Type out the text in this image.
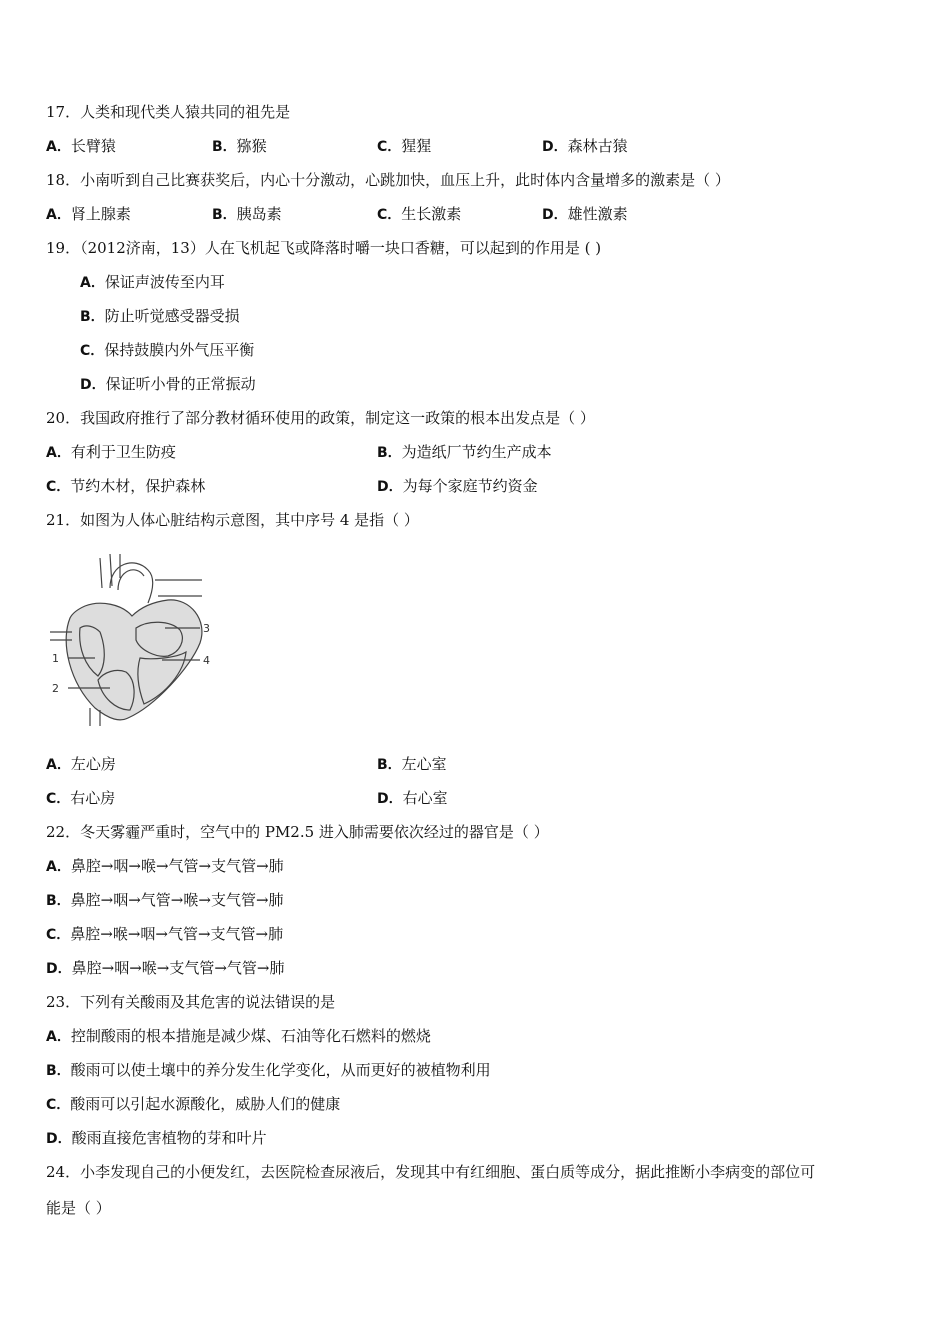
17．人类和现代类人猿共同的祖先是
A．长臂猿	B．猕猴	C．猩猩	D．森林古猿
18．小南听到自己比赛获奖后，内心十分激动，心跳加快，血压上升，此时体内含量增多的激素是（ ）
A．肾上腺素	B．胰岛素	C．生长激素	D．雄性激素
19．（2012济南，13）人在飞机起飞或降落时嚼一块口香糖，可以起到的作用是 ( )
A．保证声波传至内耳
B．防止听觉感受器受损
C．保持鼓膜内外气压平衡
D．保证听小骨的正常振动
20．我国政府推行了部分教材循环使用的政策，制定这一政策的根本出发点是（ ）
A．有利于卫生防疫	B．为造纸厂节约生产成本
C．节约木材，保护森林	D．为每个家庭节约资金
21．如图为人体心脏结构示意图，其中序号 4 是指（ ）
1
2
3
4
A．左心房	B．左心室
C．右心房	D．右心室
22．冬天雾霾严重时，空气中的 PM2.5 进入肺需要依次经过的器官是（ ）
A．鼻腔→咽→喉→气管→支气管→肺
B．鼻腔→咽→气管→喉→支气管→肺
C．鼻腔→喉→咽→气管→支气管→肺
D．鼻腔→咽→喉→支气管→气管→肺
23．下列有关酸雨及其危害的说法错误的是
A．控制酸雨的根本措施是减少煤、石油等化石燃料的燃烧
B．酸雨可以使土壤中的养分发生化学变化，从而更好的被植物利用
C．酸雨可以引起水源酸化，威胁人们的健康
D．酸雨直接危害植物的芽和叶片
24．小李发现自己的小便发红，去医院检查尿液后，发现其中有红细胞、蛋白质等成分，据此推断小李病变的部位可
能是（ ）
